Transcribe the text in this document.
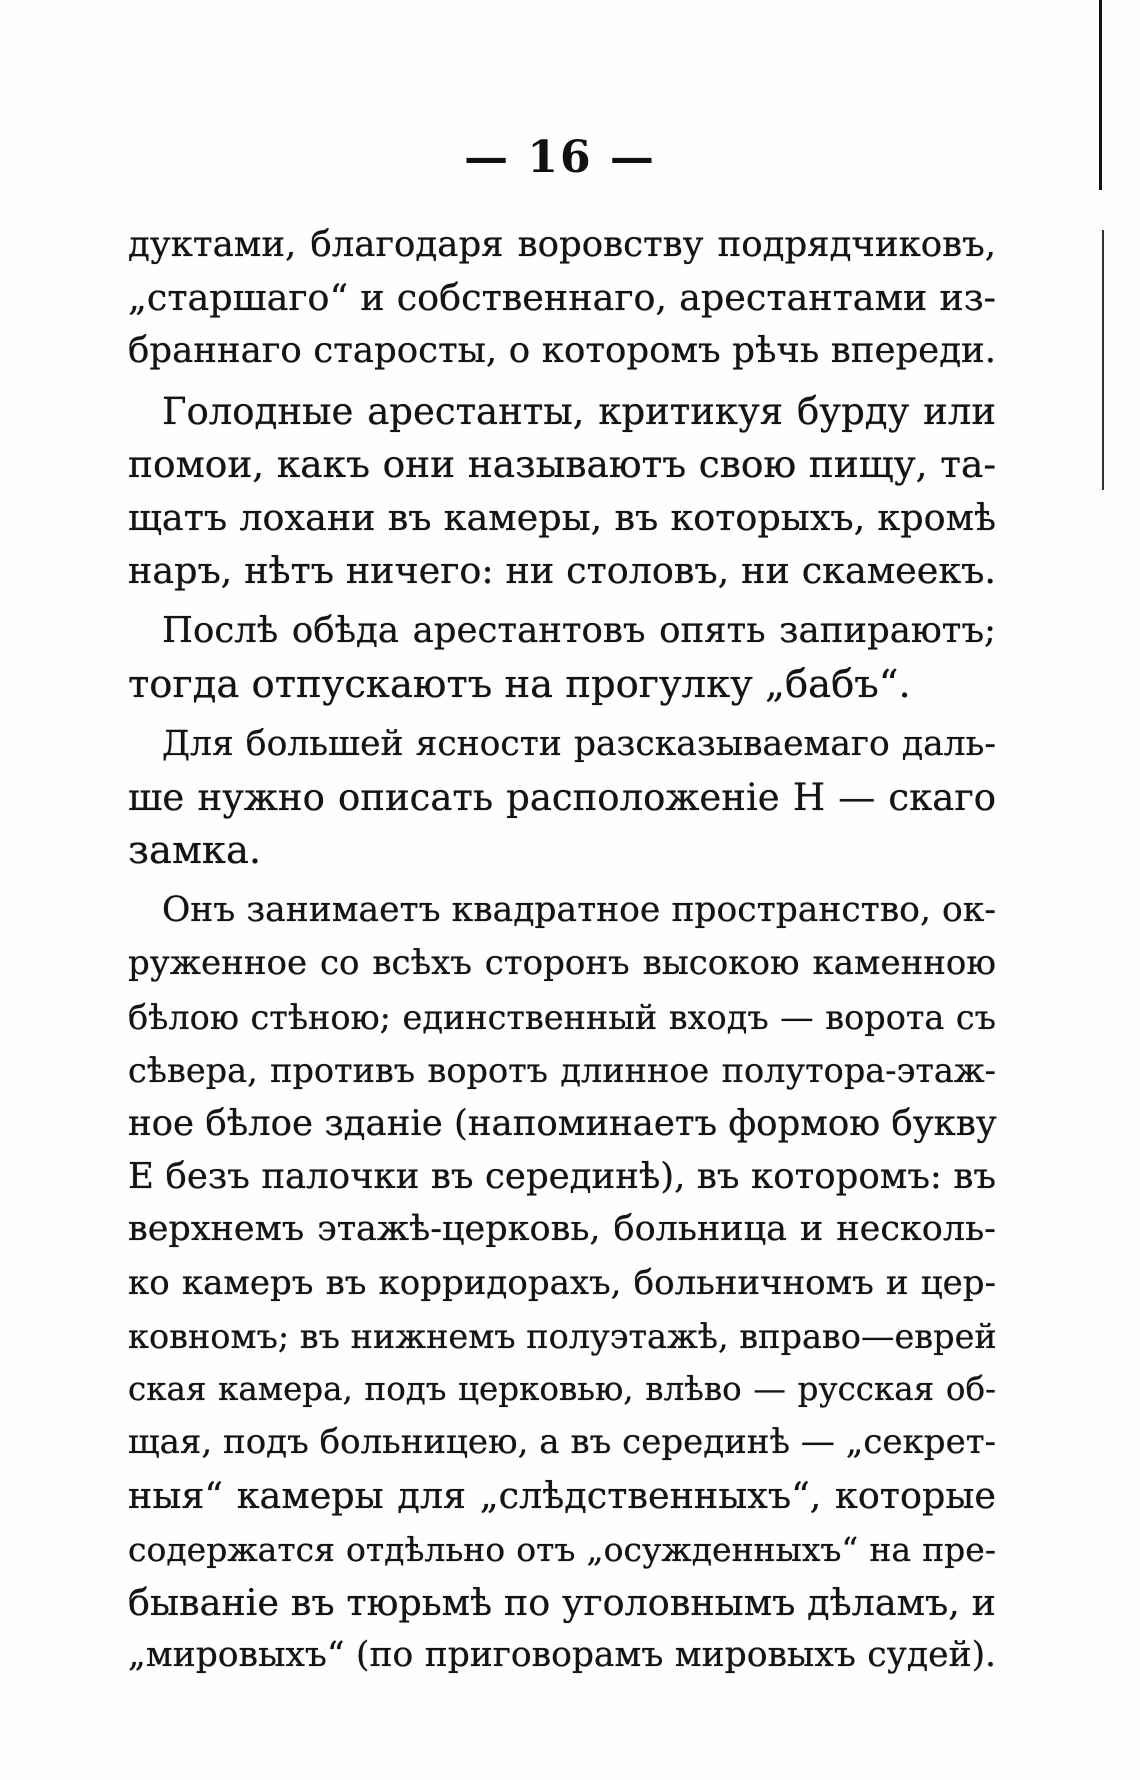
— 16 —
дуктами, благодаря воровству подрядчиковъ,
„старшаго“ и собственнаго, арестантами из-
браннаго старосты, о которомъ рѣчь впереди.
Голодные арестанты, критикуя бурду или
помои, какъ они называютъ свою пищу, та-
щатъ лохани въ камеры, въ которыхъ, кромѣ
наръ, нѣтъ ничего: ни столовъ, ни скамеекъ.
Послѣ обѣда арестантовъ опять запираютъ;
тогда отпускаютъ на прогулку „бабъ“.
Для большей ясности разсказываемаго даль-
ше нужно описать расположеніе Н — скаго
замка.
Онъ занимаетъ квадратное пространство, ок-
руженное со всѣхъ сторонъ высокою каменною
бѣлою стѣною; единственный входъ — ворота съ
сѣвера, противъ воротъ длинное полутора-этаж-
ное бѣлое зданіе (напоминаетъ формою букву
Е безъ палочки въ серединѣ), въ которомъ: въ
верхнемъ этажѣ-церковь, больница и несколь-
ко камеръ въ корридорахъ, больничномъ и цер-
ковномъ; въ нижнемъ полуэтажѣ, вправо—еврей
ская камера, подъ церковью, влѣво — русская об-
щая, подъ больницею, а въ серединѣ — „секрет-
ныя“ камеры для „слѣдственныхъ“, которые
содержатся отдѣльно отъ „осужденныхъ“ на пре-
бываніе въ тюрьмѣ по уголовнымъ дѣламъ, и
„мировыхъ“ (по приговорамъ мировыхъ судей).
